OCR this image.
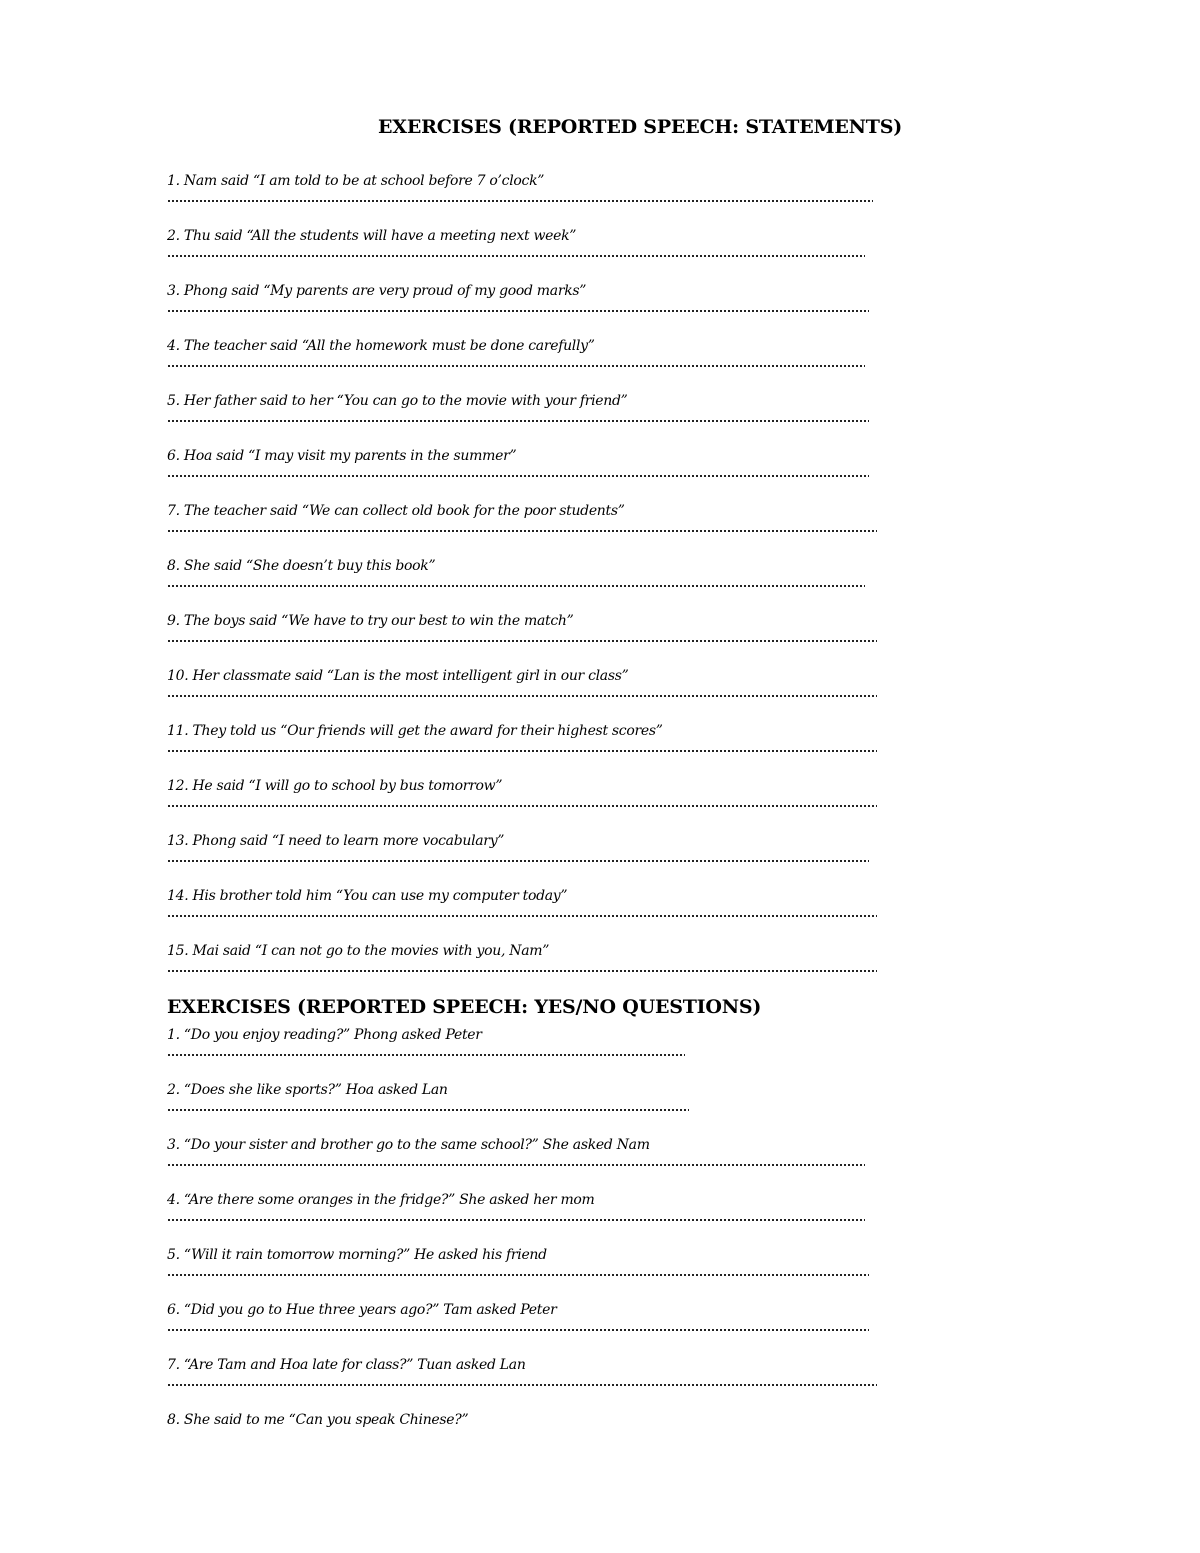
EXERCISES (REPORTED SPEECH: STATEMENTS)
1. Nam said “I am told to be at school before 7 o’clock”
2. Thu said “All the students will have a meeting next week”
3. Phong said “My parents are very proud of my good marks”
4. The teacher said “All the homework must be done carefully”
5. Her father said to her “You can go to the movie with your friend”
6. Hoa said “I may visit my parents in the summer”
7. The teacher said “We can collect old book for the poor students”
8. She said “She doesn’t buy this book”
9. The boys said “We have to try our best to win the match”
10. Her classmate said “Lan is the most intelligent girl in our class”
11. They told us “Our friends will get the award for their highest scores”
12. He said “I will go to school by bus tomorrow”
13. Phong said “I need to learn more vocabulary”
14. His brother told him “You can use my computer today”
15. Mai said “I can not go to the movies with you, Nam”
EXERCISES (REPORTED SPEECH: YES/NO QUESTIONS)
1. “Do you enjoy reading?” Phong asked Peter
2. “Does she like sports?” Hoa asked Lan
3. “Do your sister and brother go to the same school?” She asked Nam
4. “Are there some oranges in the fridge?” She asked her mom
5. “Will it rain tomorrow morning?” He asked his friend
6. “Did you go to Hue three years ago?” Tam asked Peter
7. “Are Tam and Hoa late for class?” Tuan asked Lan
8. She said to me “Can you speak Chinese?”
